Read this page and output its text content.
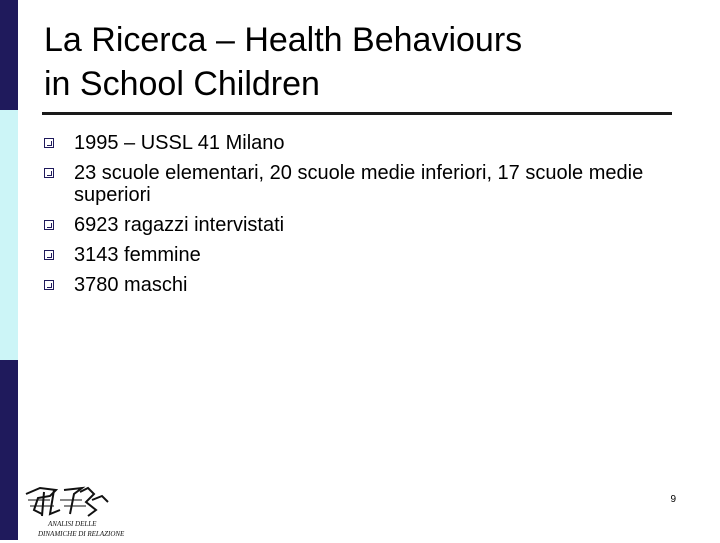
La Ricerca – Health Behaviours
in School Children
1995 – USSL 41 Milano
23 scuole elementari, 20 scuole medie inferiori, 17 scuole medie superiori
6923 ragazzi intervistati
3143 femmine
3780 maschi
ANALISI DELLE
DINAMICHE DI RELAZIONE
9
